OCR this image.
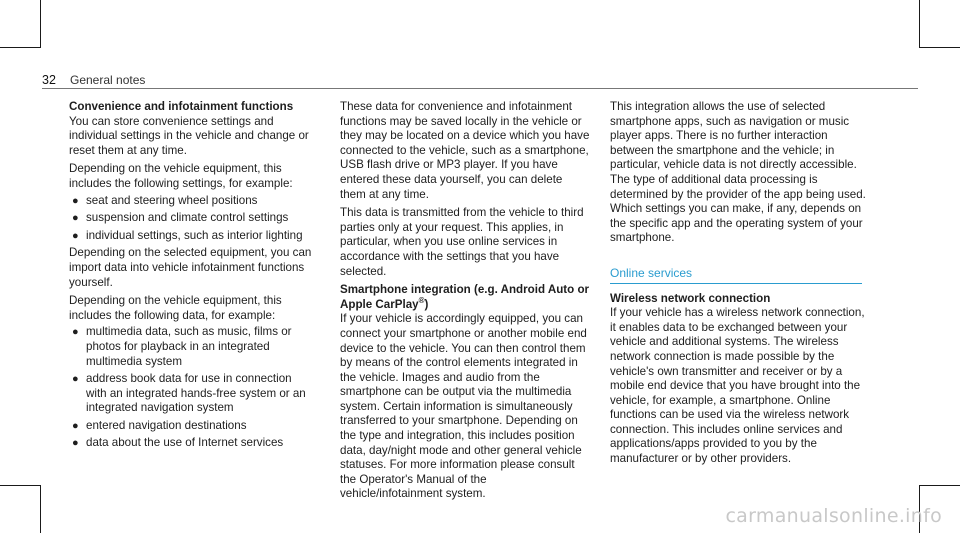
32 General notes

Convenience and infotainment functions

You can store convenience settings and individual settings in the vehicle and change or reset them at any time.

Depending on the vehicle equipment, this includes the following settings, for example:

● seat and steering wheel positions
● suspension and climate control settings
● individual settings, such as interior lighting

Depending on the selected equipment, you can import data into vehicle infotainment functions yourself.

Depending on the vehicle equipment, this includes the following data, for example:

● multimedia data, such as music, films or photos for playback in an integrated multimedia system
● address book data for use in connection with an integrated hands-free system or an integrated navigation system
● entered navigation destinations
● data about the use of Internet services

These data for convenience and infotainment functions may be saved locally in the vehicle or they may be located on a device which you have connected to the vehicle, such as a smartphone, USB flash drive or MP3 player. If you have entered these data yourself, you can delete them at any time.

This data is transmitted from the vehicle to third parties only at your request. This applies, in particular, when you use online services in accordance with the settings that you have selected.

Smartphone integration (e.g. Android Auto or Apple CarPlay®)

If your vehicle is accordingly equipped, you can connect your smartphone or another mobile end device to the vehicle. You can then control them by means of the control elements integrated in the vehicle. Images and audio from the smartphone can be output via the multimedia system. Certain information is simultaneously transferred to your smartphone. Depending on the type and integration, this includes position data, day/night mode and other general vehicle statuses. For more information please consult the Operator's Manual of the vehicle/infotainment system.

This integration allows the use of selected smartphone apps, such as navigation or music player apps. There is no further interaction between the smartphone and the vehicle; in particular, vehicle data is not directly accessible. The type of additional data processing is determined by the provider of the app being used. Which settings you can make, if any, depends on the specific app and the operating system of your smartphone.

Online services

Wireless network connection

If your vehicle has a wireless network connection, it enables data to be exchanged between your vehicle and additional systems. The wireless network connection is made possible by the vehicle's own transmitter and receiver or by a mobile end device that you have brought into the vehicle, for example, a smartphone. Online functions can be used via the wireless network connection. This includes online services and applications/apps provided to you by the manufacturer or by other providers.

carmanualsonline.info
